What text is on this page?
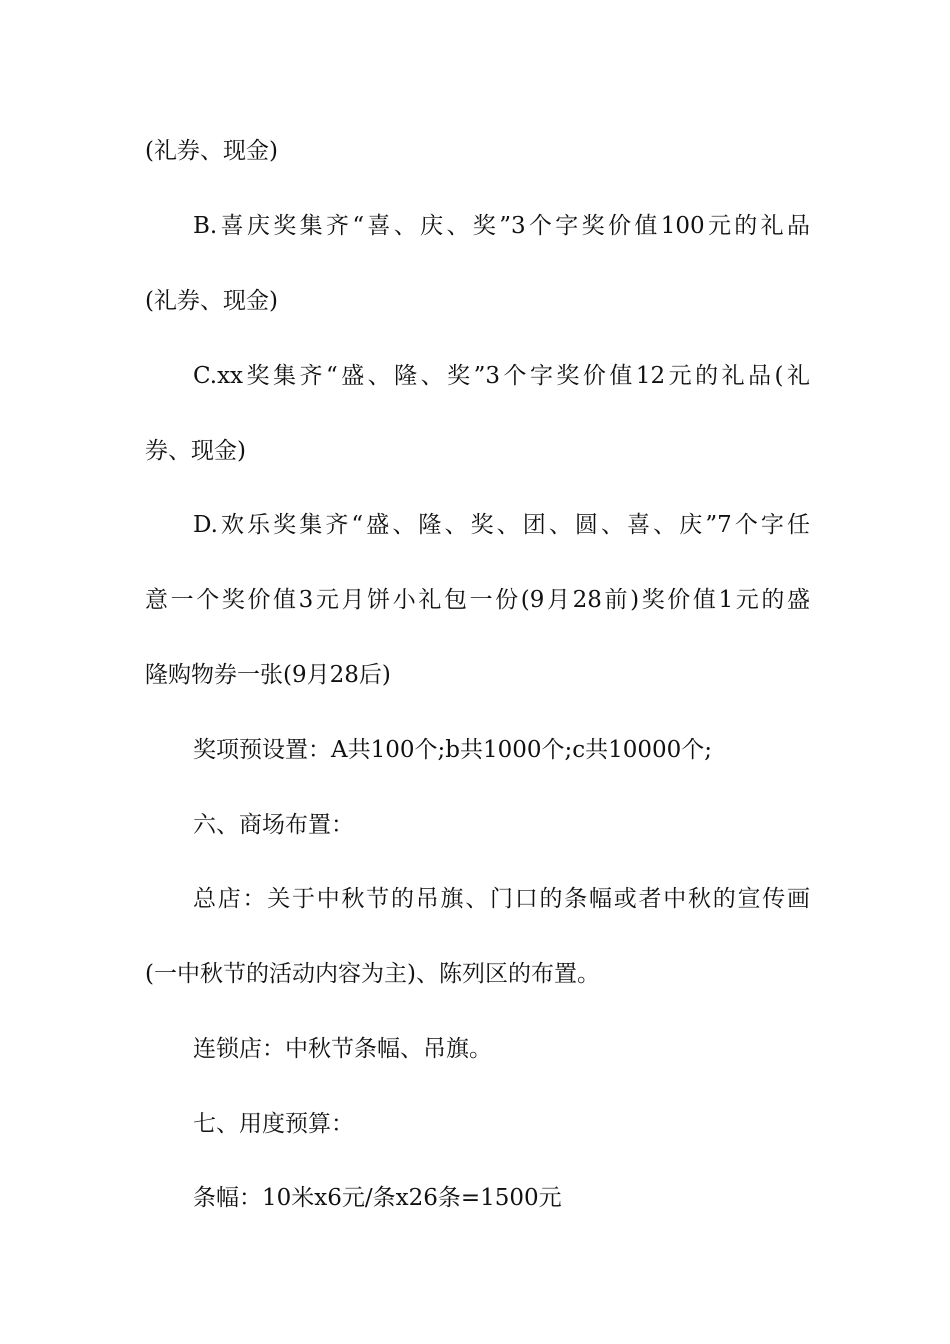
(礼券、现金)
B.喜庆奖集齐“喜、庆、奖”3个字奖价值100元的礼品
(礼券、现金)
C.xx奖集齐“盛、隆、奖”3个字奖价值12元的礼品(礼
券、现金)
D.欢乐奖集齐“盛、隆、奖、团、圆、喜、庆”7个字任
意一个奖价值3元月饼小礼包一份(9月28前)奖价值1元的盛
隆购物券一张(9月28后)
奖项预设置：A共100个;b共1000个;c共10000个;
六、商场布置：
总店：关于中秋节的吊旗、门口的条幅或者中秋的宣传画
(一中秋节的活动内容为主)、陈列区的布置。
连锁店：中秋节条幅、吊旗。
七、用度预算：
条幅：10米x6元/条x26条=1500元
